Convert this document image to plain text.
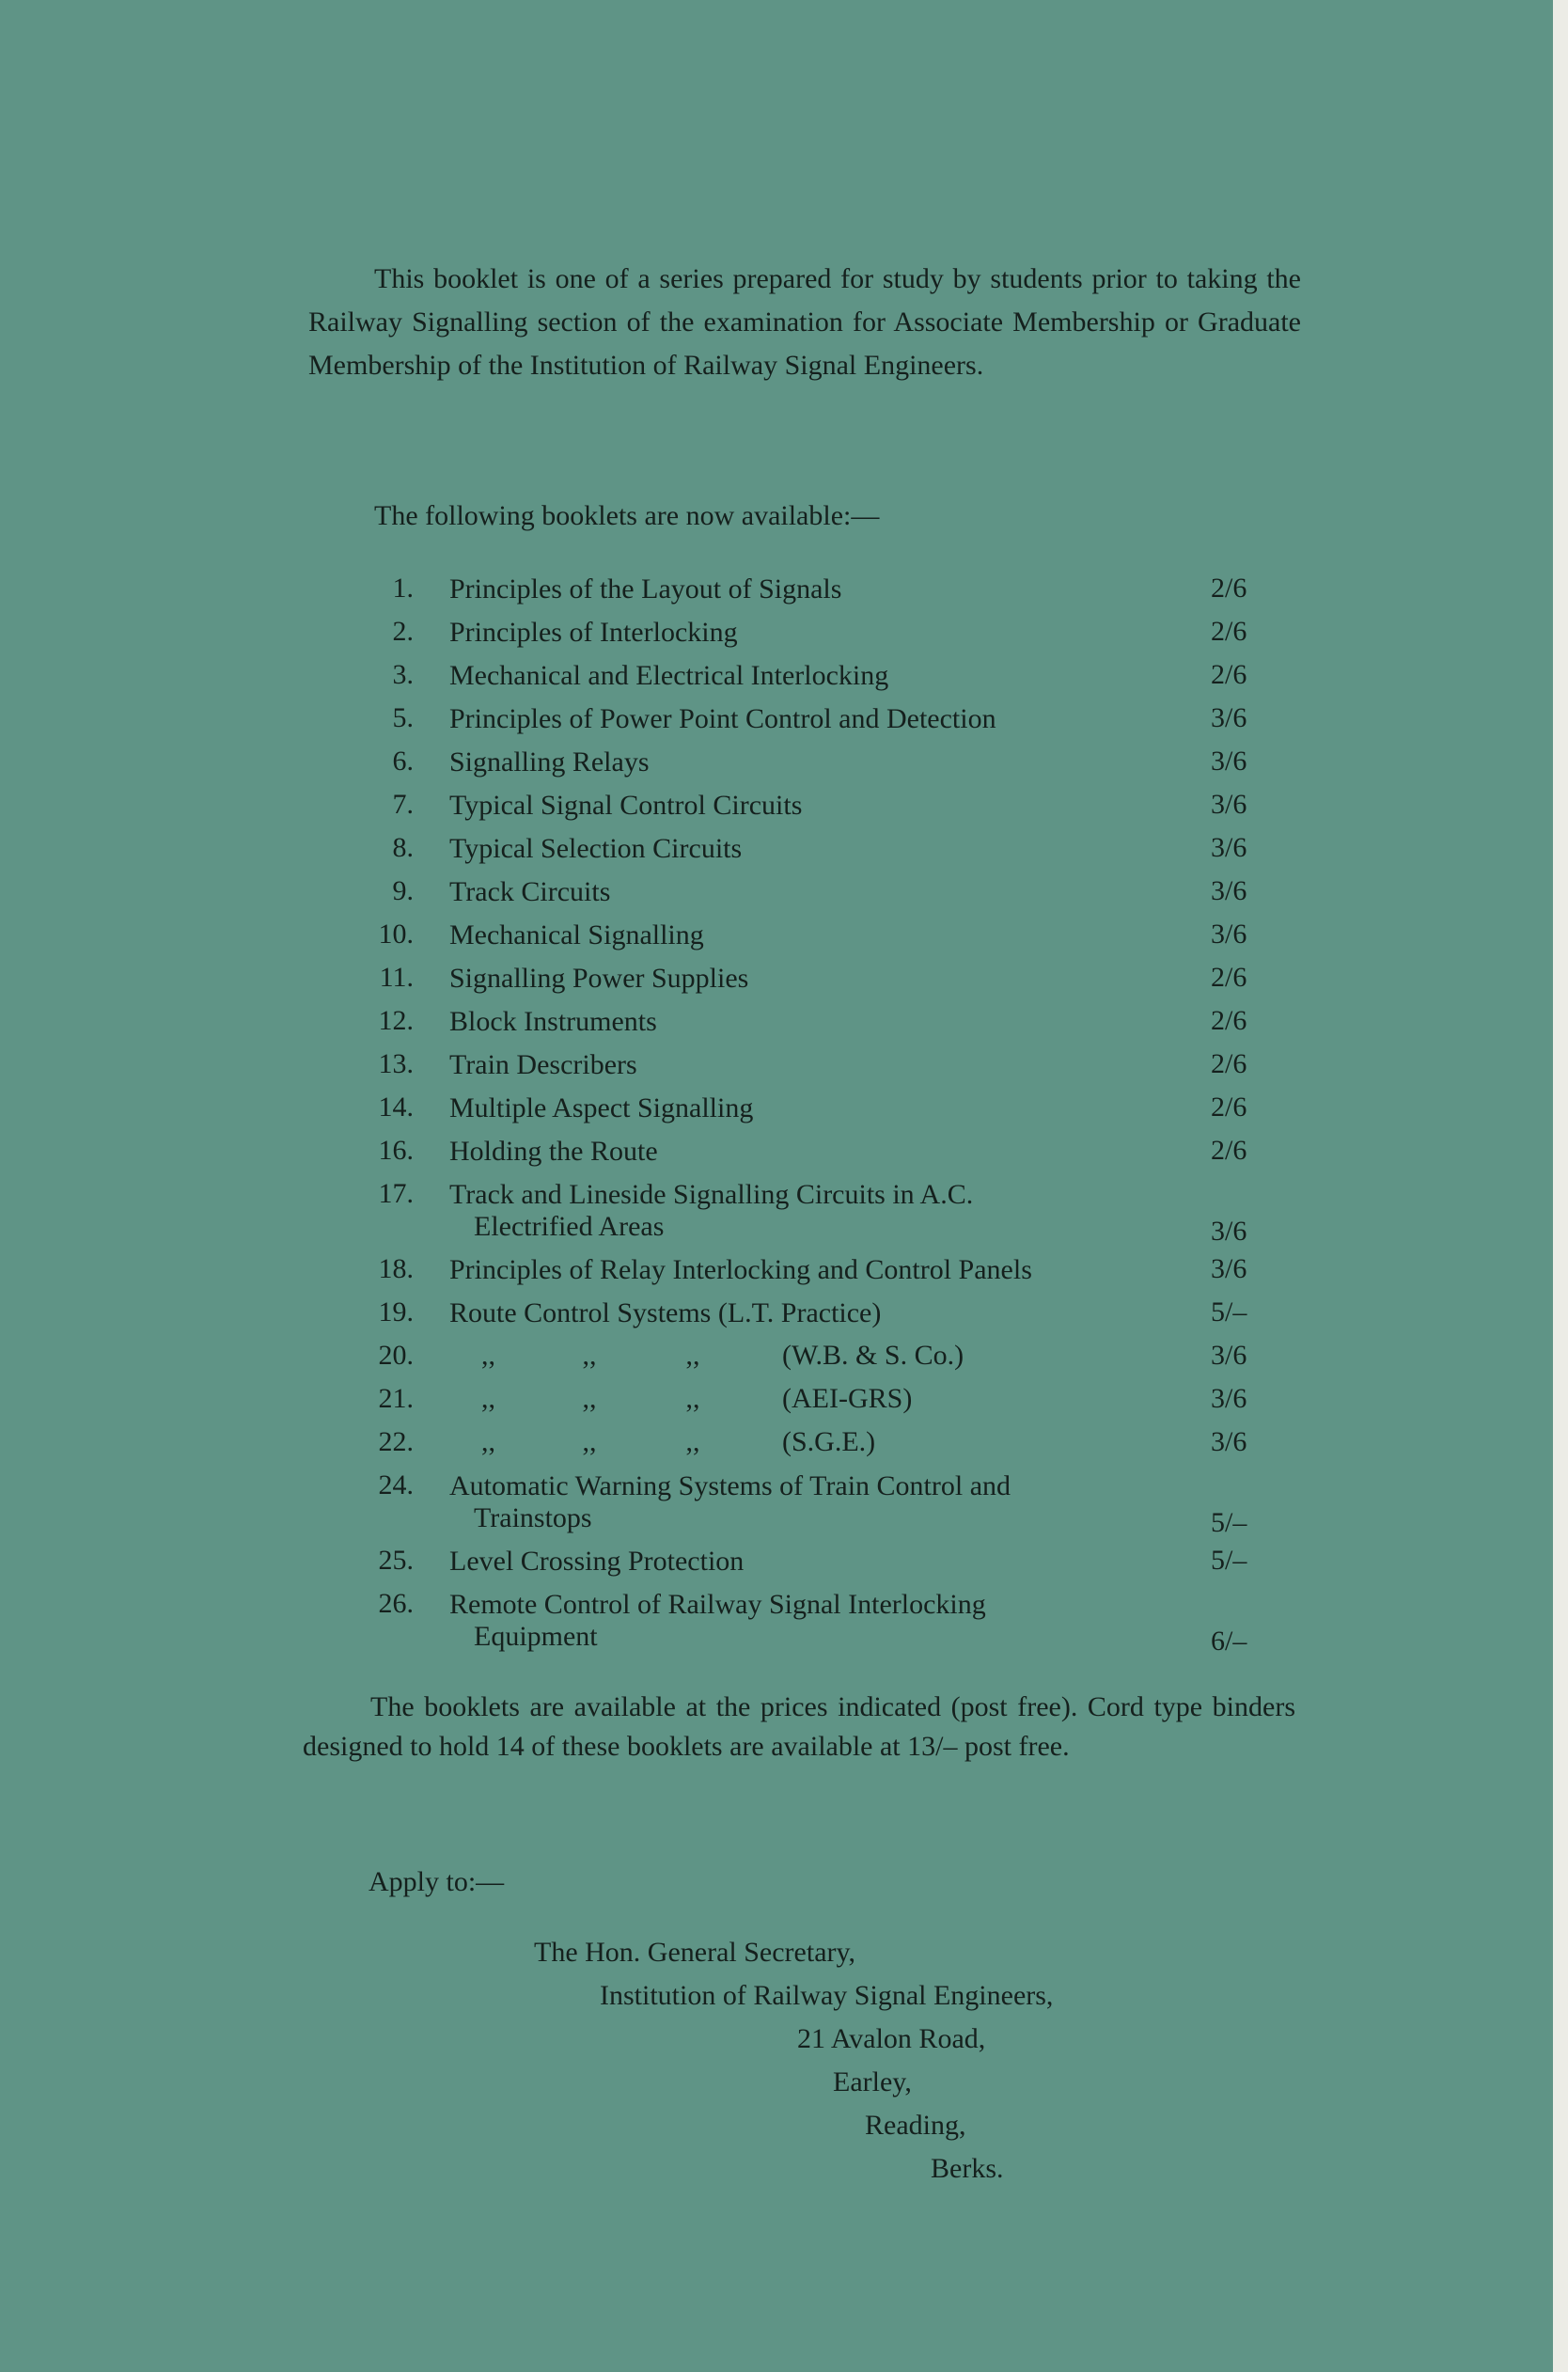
This booklet is one of a series prepared for study by students prior to taking the Railway Signalling section of the examination for Associate Membership or Graduate Membership of the Institution of Railway Signal Engineers.

The following booklets are now available:—
1. Principles of the Layout of Signals	2/6
2. Principles of Interlocking	2/6
3. Mechanical and Electrical Interlocking	2/6
5. Principles of Power Point Control and Detection	3/6
6. Signalling Relays	3/6
7. Typical Signal Control Circuits	3/6
8. Typical Selection Circuits	3/6
9. Track Circuits	3/6
10. Mechanical Signalling	3/6
11. Signalling Power Supplies	2/6
12. Block Instruments	2/6
13. Train Describers	2/6
14. Multiple Aspect Signalling	2/6
16. Holding the Route	2/6
17. Track and Lineside Signalling Circuits in A.C.
Electrified Areas	3/6
18. Principles of Relay Interlocking and Control Panels	3/6
19. Route Control Systems (L.T. Practice)	5/–
20.	,,	,,	,,	(W.B. & S. Co.)	3/6
21.	,,	,,	,,	(AEI-GRS)	3/6
22.	,,	,,	,,	(S.G.E.)	3/6
24. Automatic Warning Systems of Train Control and
Trainstops	5/–
25. Level Crossing Protection	5/–
26. Remote Control of Railway Signal Interlocking
Equipment	6/–

The booklets are available at the prices indicated (post free). Cord type binders designed to hold 14 of these booklets are available at 13/– post free.

Apply to:—
The Hon. General Secretary,
Institution of Railway Signal Engineers,
21 Avalon Road,
Earley,
Reading,
Berks.
